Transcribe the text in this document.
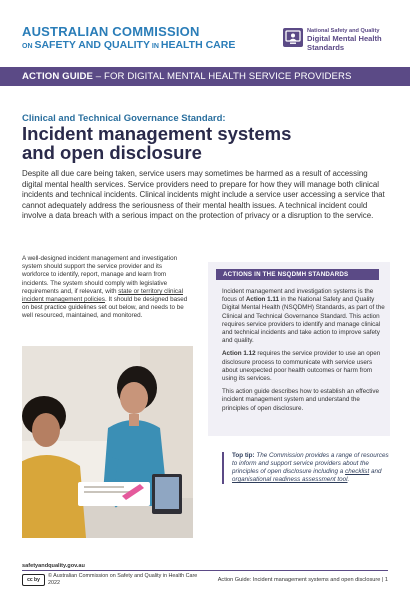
AUSTRALIAN COMMISSION
ON SAFETY AND QUALITY IN HEALTH CARE
National Safety and Quality
Digital Mental Health
Standards
ACTION GUIDE – FOR DIGITAL MENTAL HEALTH SERVICE PROVIDERS
Clinical and Technical Governance Standard:
Incident management systems and open disclosure
Despite all due care being taken, service users may sometimes be harmed as a result of accessing digital mental health services. Service providers need to prepare for how they will manage both clinical incidents and technical incidents. Clinical incidents might include a service user accessing a service that cannot adequately address the seriousness of their mental health issues. A technical incident could involve a data breach with a serious impact on the protection of privacy or a disruption to the service.
A well-designed incident management and investigation system should support the service provider and its workforce to identify, report, manage and learn from incidents. The system should comply with legislative requirements and, if relevant, with state or territory clinical incident management policies. It should be designed based on best practice guidelines set out below, and needs to be well resourced, maintained, and monitored.
ACTIONS IN THE NSQDMH STANDARDS

Incident management and investigation systems is the focus of Action 1.11 in the National Safety and Quality Digital Mental Health (NSQDMH) Standards, as part of the Clinical and Technical Governance Standard. This action requires service providers to identify and manage clinical and technical incidents and take action to improve safety and quality.

Action 1.12 requires the service provider to use an open disclosure process to communicate with service users about unexpected poor health outcomes or harm from using its services.

This action guide describes how to establish an effective incident management system and understand the principles of open disclosure.

Top tip: The Commission provides a range of resources to inform and support service providers about the principles of open disclosure including a checklist and organisational readiness assessment tool.
safetyandquality.gov.au
cc by
© Australian Commission on Safety and Quality in Health Care 2022	Action Guide: Incident management systems and open disclosure | 1
